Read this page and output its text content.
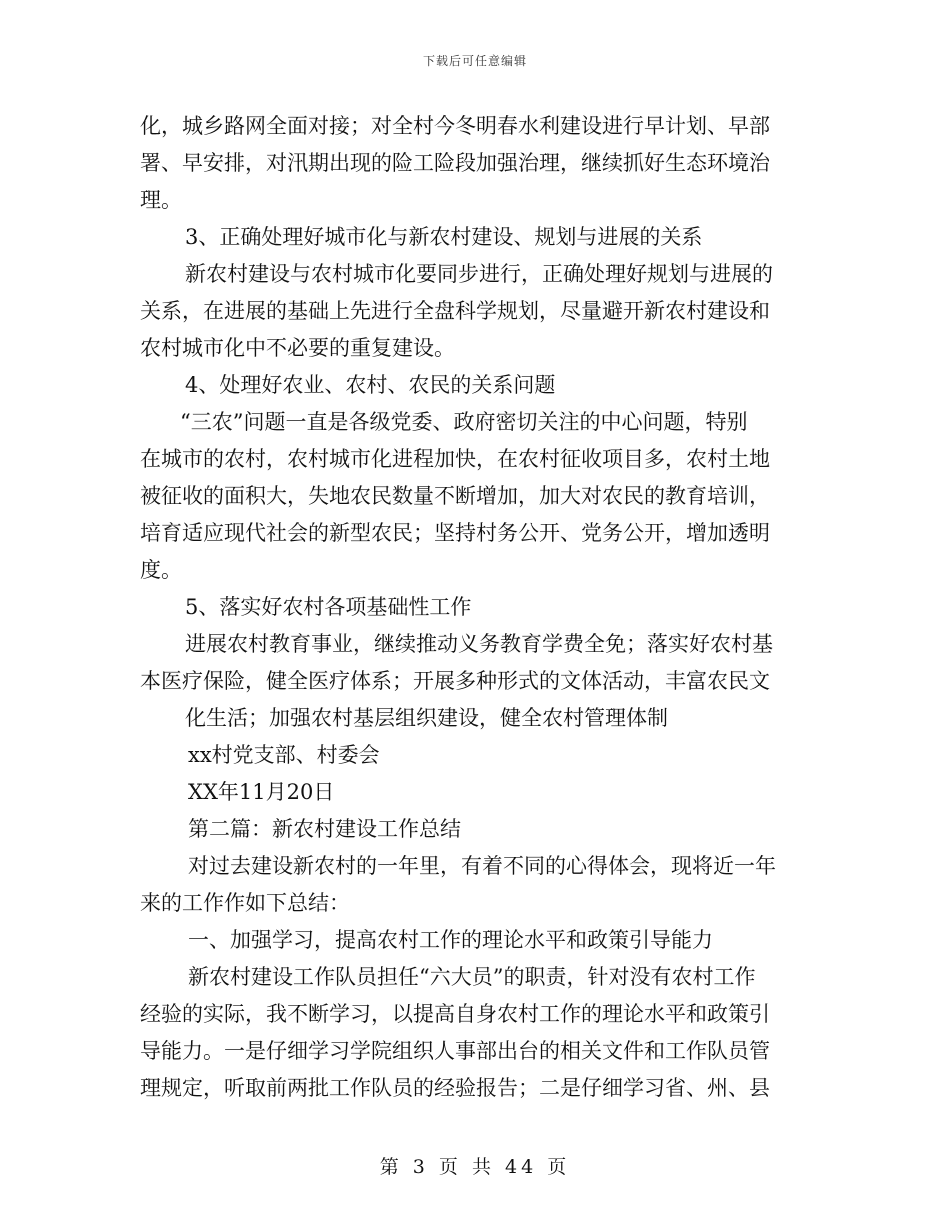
下载后可任意编辑
化，城乡路网全面对接；对全村今冬明春水利建设进行早计划、早部
署、早安排，对汛期出现的险工险段加强治理，继续抓好生态环境治
理。
3、正确处理好城市化与新农村建设、规划与进展的关系
新农村建设与农村城市化要同步进行，正确处理好规划与进展的
关系，在进展的基础上先进行全盘科学规划，尽量避开新农村建设和
农村城市化中不必要的重复建设。
4、处理好农业、农村、农民的关系问题
“三农”问题一直是各级党委、政府密切关注的中心问题，特别
在城市的农村，农村城市化进程加快，在农村征收项目多，农村土地
被征收的面积大，失地农民数量不断增加，加大对农民的教育培训，
培育适应现代社会的新型农民；坚持村务公开、党务公开，增加透明
度。
5、落实好农村各项基础性工作
进展农村教育事业，继续推动义务教育学费全免；落实好农村基
本医疗保险，健全医疗体系；开展多种形式的文体活动，丰富农民文
化生活；加强农村基层组织建设，健全农村管理体制
xx村党支部、村委会
XX年11月20日
第二篇：新农村建设工作总结
对过去建设新农村的一年里，有着不同的心得体会，现将近一年
来的工作作如下总结：
一、加强学习，提高农村工作的理论水平和政策引导能力
新农村建设工作队员担任“六大员”的职责，针对没有农村工作
经验的实际，我不断学习，以提高自身农村工作的理论水平和政策引
导能力。一是仔细学习学院组织人事部出台的相关文件和工作队员管
理规定，听取前两批工作队员的经验报告；二是仔细学习省、州、县
第 3 页 共 44 页
